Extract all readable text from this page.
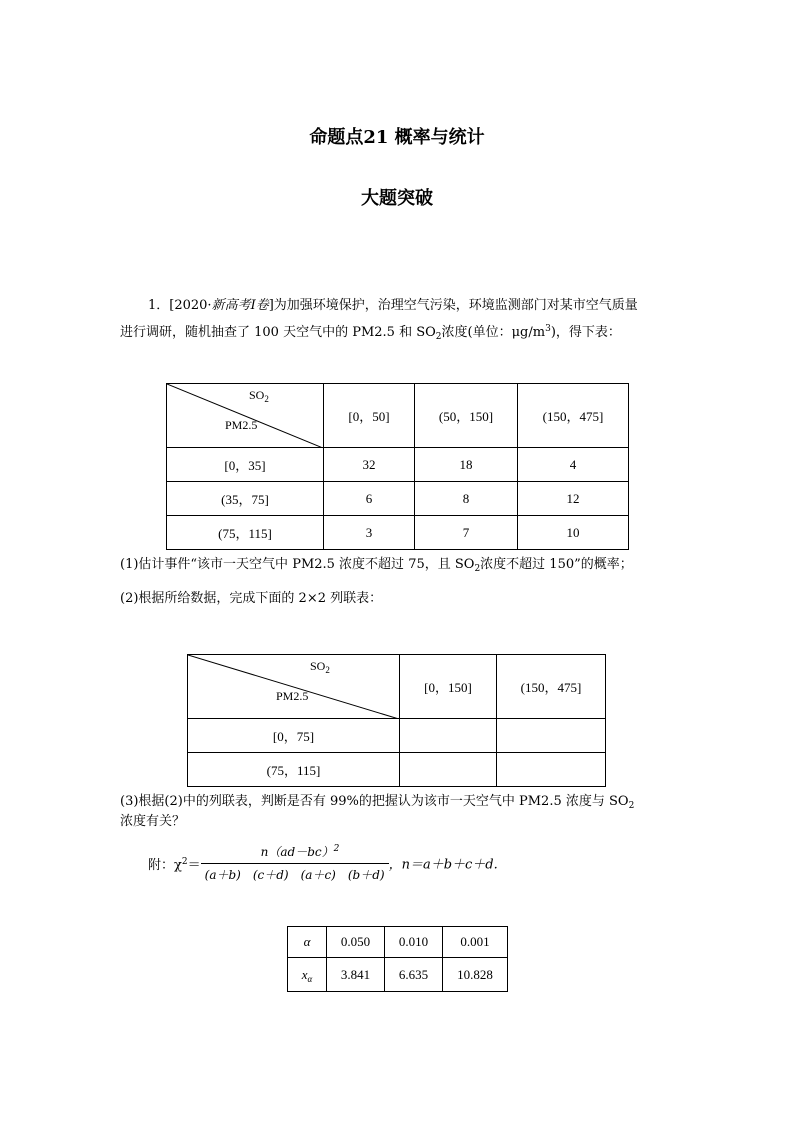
命题点21 概率与统计
大题突破
1．[2020·新高考Ⅰ卷]为加强环境保护，治理空气污染，环境监测部门对某市空气质量
进行调研，随机抽查了 100 天空气中的 PM2.5 和 $SO_2$浓度(单位：$\mu g/m^3$)，得下表：
$SO_2$
PM2.5	[0，50]	(50，150]	(150，475]
[0，35]	32	18	4
(35，75]	6	8	12
(75，115]	3	7	10
(1)估计事件“该市一天空气中 PM2.5 浓度不超过 75，且 $SO_2$浓度不超过 150”的概率；
(2)根据所给数据，完成下面的 2×2 列联表：
$SO_2$
PM2.5	[0，150]	(150，475]
[0，75]		
(75，115]		
(3)根据(2)中的列联表，判断是否有 99%的把握认为该市一天空气中 PM2.5 浓度与 $SO_2$
浓度有关？
附：$\chi^2= \frac{n(ad-bc)^2}{(a+b) (c+d) (a+c) (b+d)}$ ，n＝a＋b＋c＋d.
α	0.050	0.010	0.001
$x_\alpha$	3.841	6.635	10.828
